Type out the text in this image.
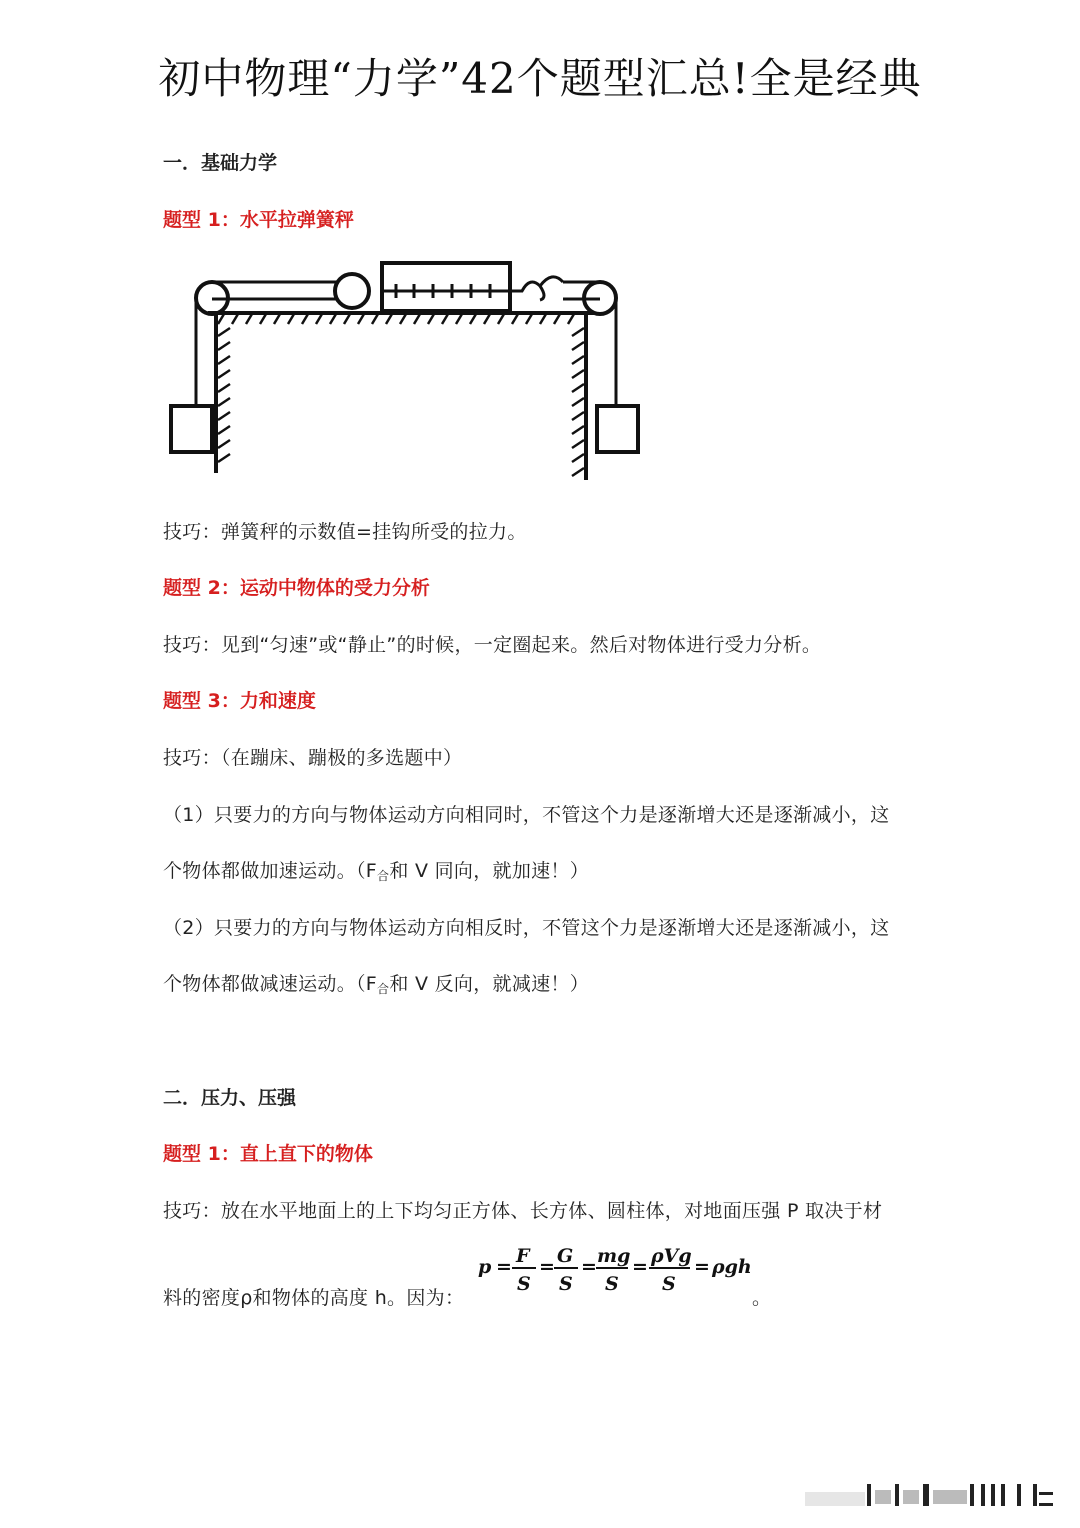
初中物理“力学”42个题型汇总!全是经典
一．基础力学
题型 1：水平拉弹簧秤
技巧：弹簧秤的示数值=挂钩所受的拉力。
题型 2：运动中物体的受力分析
技巧：见到“匀速”或“静止”的时候，一定圈起来。然后对物体进行受力分析。
题型 3：力和速度
技巧：（在蹦床、蹦极的多选题中）
（1）只要力的方向与物体运动方向相同时，不管这个力是逐渐增大还是逐渐减小，这
个物体都做加速运动。（$F_合$和 V 同向，就加速！）
（2）只要力的方向与物体运动方向相反时，不管这个力是逐渐增大还是逐渐减小，这
个物体都做减速运动。（$F_合$和 V 反向，就减速！）
二．压力、压强
题型 1：直上直下的物体
技巧：放在水平地面上的上下均匀正方体、长方体、圆柱体，对地面压强 P 取决于材
料的密度ρ和物体的高度 h。因为：
p = F
S
= G
S
= mg
S
= ρVg
S
= ρgh
。
